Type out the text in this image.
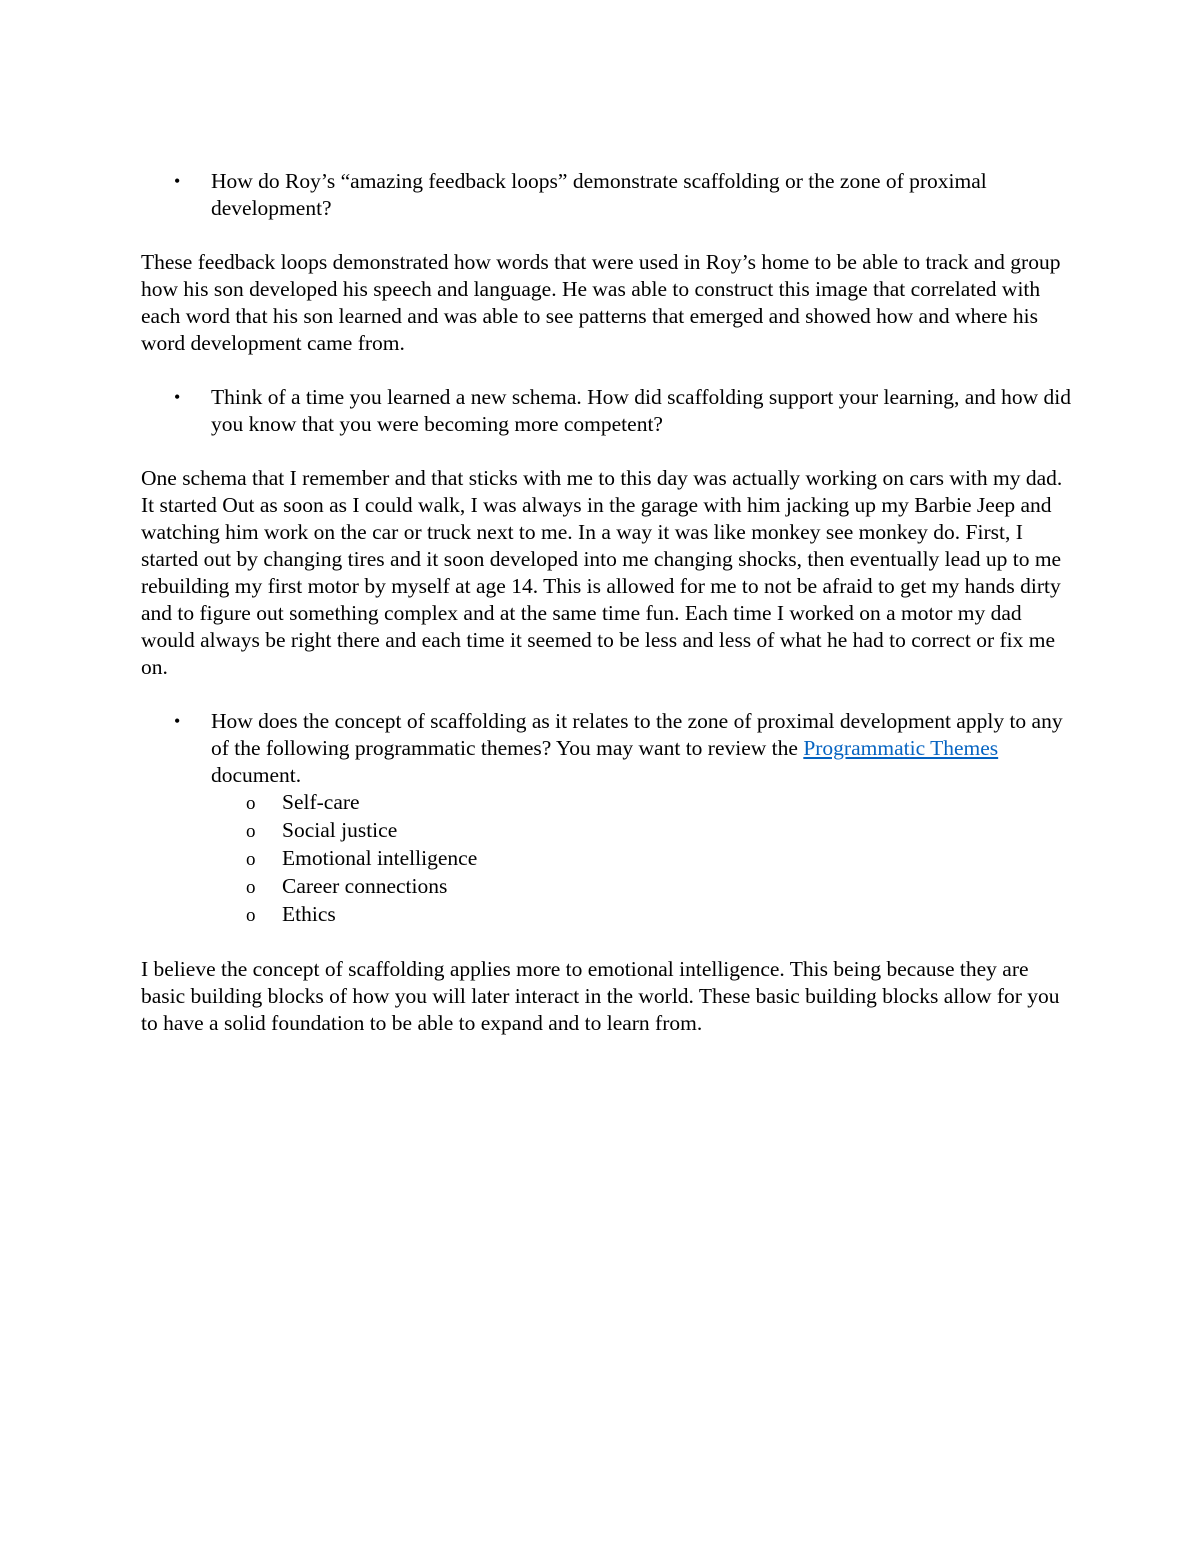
• How do Roy’s “amazing feedback loops” demonstrate scaffolding or the zone of proximal development?

These feedback loops demonstrated how words that were used in Roy’s home to be able to track and group how his son developed his speech and language. He was able to construct this image that correlated with each word that his son learned and was able to see patterns that emerged and showed how and where his word development came from.

• Think of a time you learned a new schema. How did scaffolding support your learning, and how did you know that you were becoming more competent?

One schema that I remember and that sticks with me to this day was actually working on cars with my dad. It started Out as soon as I could walk, I was always in the garage with him jacking up my Barbie Jeep and watching him work on the car or truck next to me. In a way it was like monkey see monkey do. First, I started out by changing tires and it soon developed into me changing shocks, then eventually lead up to me rebuilding my first motor by myself at age 14. This is allowed for me to not be afraid to get my hands dirty and to figure out something complex and at the same time fun. Each time I worked on a motor my dad would always be right there and each time it seemed to be less and less of what he had to correct or fix me on.

• How does the concept of scaffolding as it relates to the zone of proximal development apply to any of the following programmatic themes? You may want to review the Programmatic Themes document.

o Self-care
o Social justice
o Emotional intelligence
o Career connections
o Ethics

I believe the concept of scaffolding applies more to emotional intelligence. This being because they are basic building blocks of how you will later interact in the world. These basic building blocks allow for you to have a solid foundation to be able to expand and to learn from.
